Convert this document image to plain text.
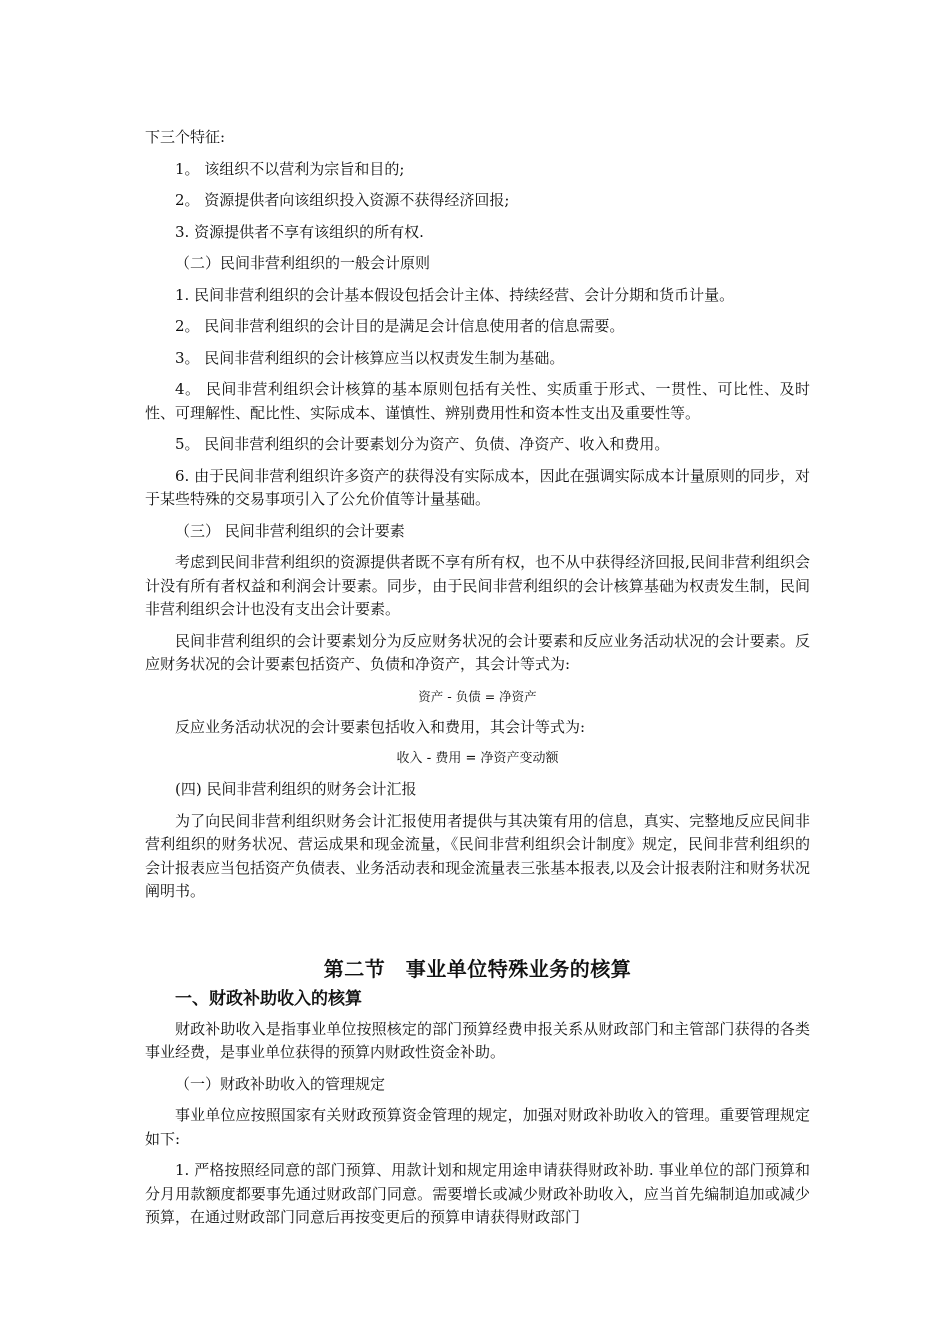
下三个特征:

1。 该组织不以营利为宗旨和目的;

2。 资源提供者向该组织投入资源不获得经济回报;

3. 资源提供者不享有该组织的所有权.

（二）民间非营利组织的一般会计原则

1. 民间非营利组织的会计基本假设包括会计主体、持续经营、会计分期和货币计量。

2。 民间非营利组织的会计目的是满足会计信息使用者的信息需要。

3。 民间非营利组织的会计核算应当以权责发生制为基础。

4。 民间非营利组织会计核算的基本原则包括有关性、实质重于形式、一贯性、可比性、及时性、可理解性、配比性、实际成本、谨慎性、辨别费用性和资本性支出及重要性等。

5。 民间非营利组织的会计要素划分为资产、负债、净资产、收入和费用。

6. 由于民间非营利组织许多资产的获得没有实际成本，因此在强调实际成本计量原则的同步，对于某些特殊的交易事项引入了公允价值等计量基础。

（三） 民间非营利组织的会计要素

考虑到民间非营利组织的资源提供者既不享有所有权，也不从中获得经济回报,民间非营利组织会计没有所有者权益和利润会计要素。同步，由于民间非营利组织的会计核算基础为权责发生制，民间非营利组织会计也没有支出会计要素。

民间非营利组织的会计要素划分为反应财务状况的会计要素和反应业务活动状况的会计要素。反应财务状况的会计要素包括资产、负债和净资产，其会计等式为:

资产 - 负债 = 净资产

反应业务活动状况的会计要素包括收入和费用，其会计等式为:

收入 - 费用 = 净资产变动额

(四) 民间非营利组织的财务会计汇报

为了向民间非营利组织财务会计汇报使用者提供与其决策有用的信息，真实、完整地反应民间非营利组织的财务状况、营运成果和现金流量，《民间非营利组织会计制度》规定，民间非营利组织的会计报表应当包括资产负债表、业务活动表和现金流量表三张基本报表,以及会计报表附注和财务状况阐明书。

第二节　事业单位特殊业务的核算
一、财政补助收入的核算

财政补助收入是指事业单位按照核定的部门预算经费申报关系从财政部门和主管部门获得的各类事业经费，是事业单位获得的预算内财政性资金补助。

（一）财政补助收入的管理规定

事业单位应按照国家有关财政预算资金管理的规定，加强对财政补助收入的管理。重要管理规定如下:

1. 严格按照经同意的部门预算、用款计划和规定用途申请获得财政补助. 事业单位的部门预算和分月用款额度都要事先通过财政部门同意。需要增长或减少财政补助收入，应当首先编制追加或减少预算，在通过财政部门同意后再按变更后的预算申请获得财政部门
